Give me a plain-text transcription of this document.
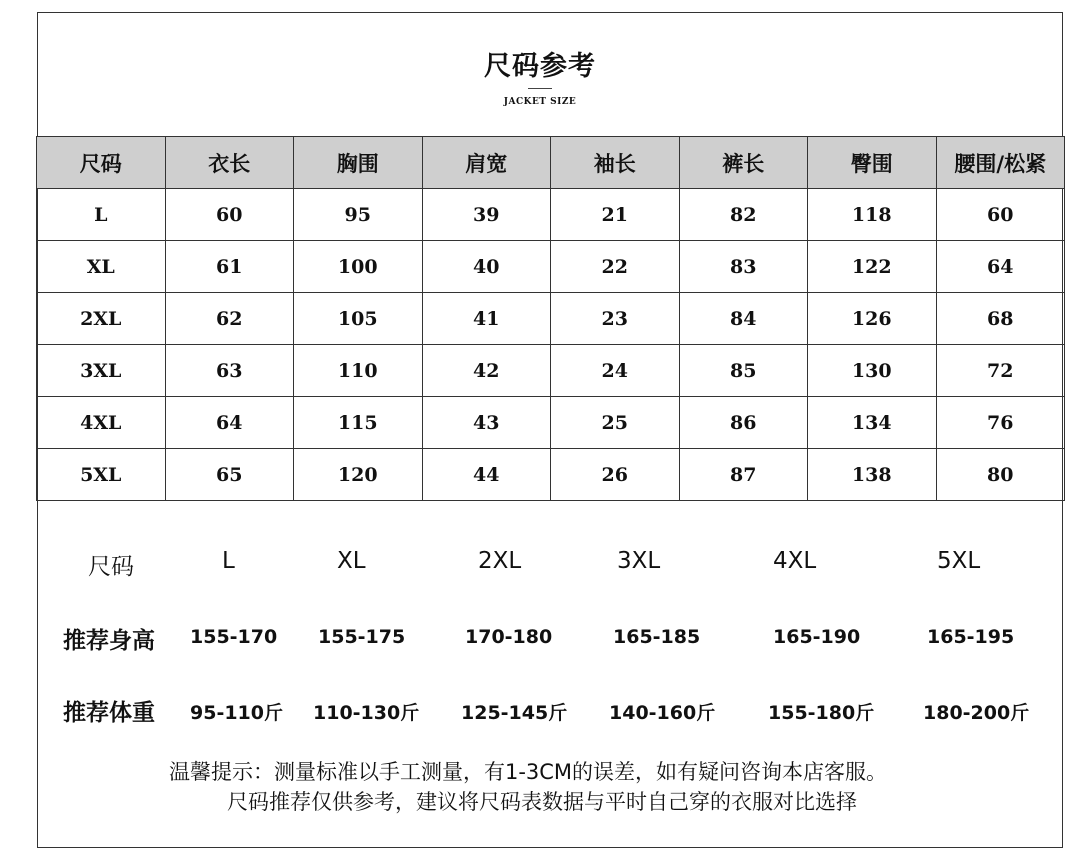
尺码参考
JACKET SIZE
尺码	衣长	胸围	肩宽	袖长	裤长	臀围	腰围/松紧
L	60	95	39	21	82	118	60
XL	61	100	40	22	83	122	64
2XL	62	105	41	23	84	126	68
3XL	63	110	42	24	85	130	72
4XL	64	115	43	25	86	134	76
5XL	65	120	44	26	87	138	80
尺码	L	XL	2XL	3XL	4XL	5XL
推荐身高 155-170 155-175	170-180	165-185	165-190	165-195
推荐体重 95-110斤 110-130斤 125-145斤 140-160斤	155-180斤	180-200斤
温馨提示：测量标准以手工测量，有1-3CM的误差，如有疑问咨询本店客服。
尺码推荐仅供参考，建议将尺码表数据与平时自己穿的衣服对比选择
